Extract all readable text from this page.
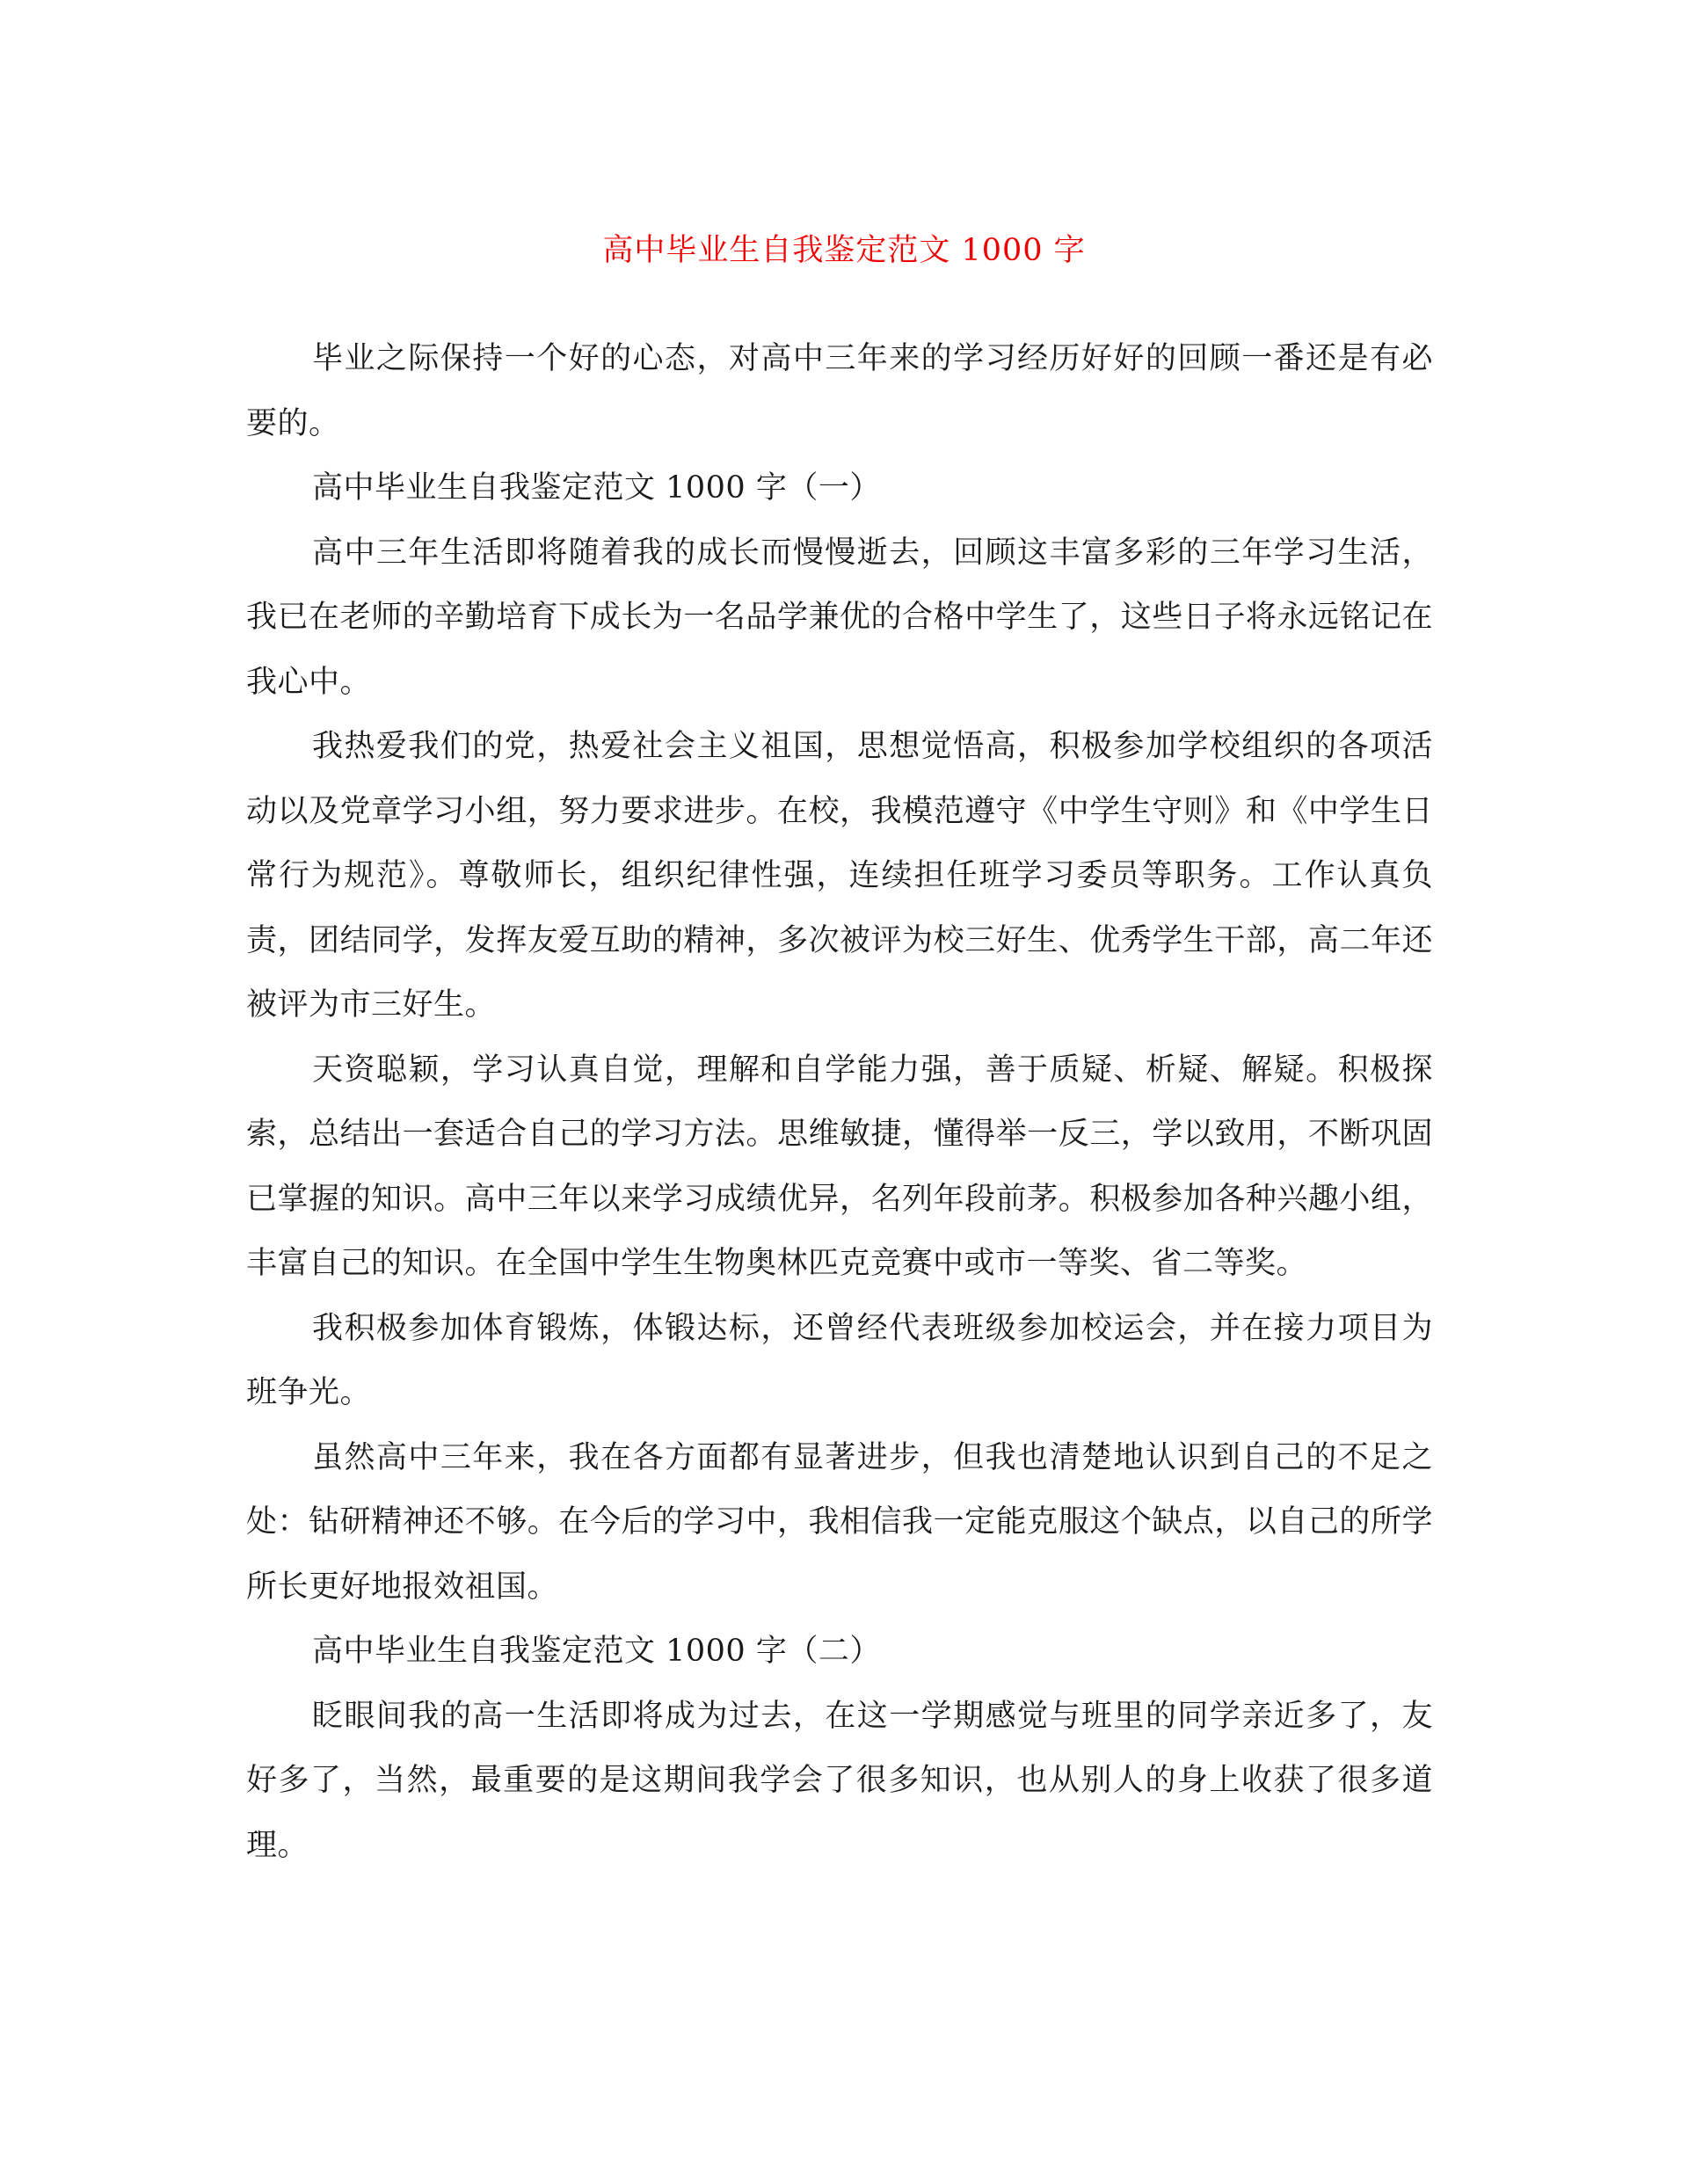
高中毕业生自我鉴定范文 1000 字

毕业之际保持一个好的心态，对高中三年来的学习经历好好的回顾一番还是有必要的。

高中毕业生自我鉴定范文 1000 字（一）

高中三年生活即将随着我的成长而慢慢逝去，回顾这丰富多彩的三年学习生活，我已在老师的辛勤培育下成长为一名品学兼优的合格中学生了，这些日子将永远铭记在我心中。

我热爱我们的党，热爱社会主义祖国，思想觉悟高，积极参加学校组织的各项活动以及党章学习小组，努力要求进步。在校，我模范遵守《中学生守则》和《中学生日常行为规范》。尊敬师长，组织纪律性强，连续担任班学习委员等职务。工作认真负责，团结同学，发挥友爱互助的精神，多次被评为校三好生、优秀学生干部，高二年还被评为市三好生。

天资聪颖，学习认真自觉，理解和自学能力强，善于质疑、析疑、解疑。积极探索，总结出一套适合自己的学习方法。思维敏捷，懂得举一反三，学以致用，不断巩固已掌握的知识。高中三年以来学习成绩优异，名列年段前茅。积极参加各种兴趣小组，丰富自己的知识。在全国中学生生物奥林匹克竞赛中或市一等奖、省二等奖。

我积极参加体育锻炼，体锻达标，还曾经代表班级参加校运会，并在接力项目为班争光。

虽然高中三年来，我在各方面都有显著进步，但我也清楚地认识到自己的不足之处：钻研精神还不够。在今后的学习中，我相信我一定能克服这个缺点，以自己的所学所长更好地报效祖国。

高中毕业生自我鉴定范文 1000 字（二）

眨眼间我的高一生活即将成为过去，在这一学期感觉与班里的同学亲近多了，友好多了，当然，最重要的是这期间我学会了很多知识，也从别人的身上收获了很多道理。
